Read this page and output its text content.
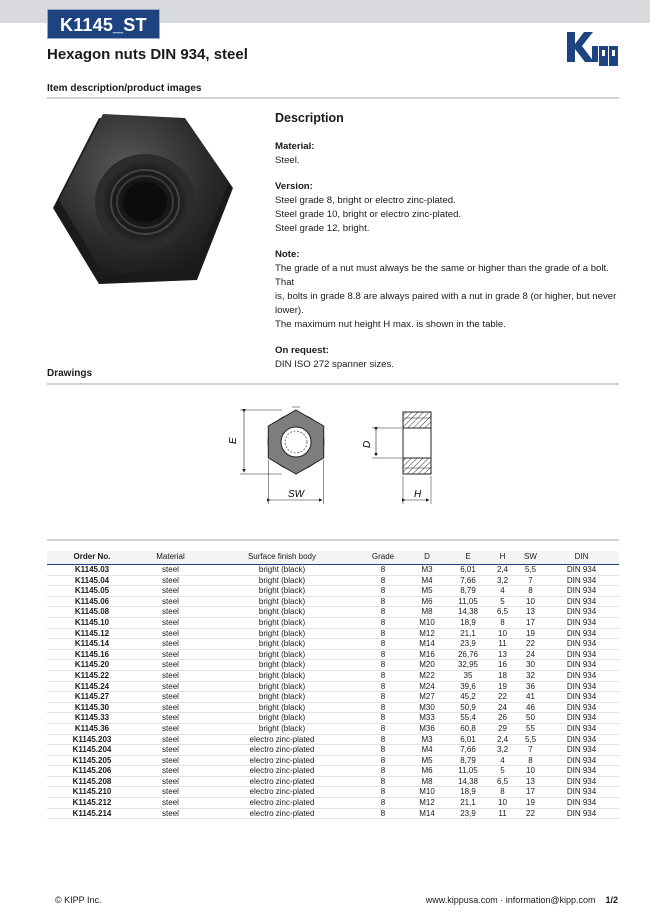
K1145_ST
Hexagon nuts DIN 934, steel
Item description/product images
Description
Material:
Steel.
Version:
Steel grade 8, bright or electro zinc-plated.
Steel grade 10, bright or electro zinc-plated.
Steel grade 12, bright.
Note:
The grade of a nut must always be the same or higher than the grade of a bolt. That
is, bolts in grade 8.8 are always paired with a nut in grade 8 (or higher, but never
lower).
The maximum nut height H max. is shown in the table.
On request:
DIN ISO 272 spanner sizes.
Drawings
E
SW
D
H
Order No.	Material	Surface finish body	Grade	D	E	H	SW	DIN
K1145.03	steel	bright (black)	8	M3	6,01	2,4	5,5	DIN 934
K1145.04	steel	bright (black)	8	M4	7,66	3,2	7	DIN 934
K1145.05	steel	bright (black)	8	M5	8,79	4	8	DIN 934
K1145.06	steel	bright (black)	8	M6	11,05	5	10	DIN 934
K1145.08	steel	bright (black)	8	M8	14,38	6,5	13	DIN 934
K1145.10	steel	bright (black)	8	M10	18,9	8	17	DIN 934
K1145.12	steel	bright (black)	8	M12	21,1	10	19	DIN 934
K1145.14	steel	bright (black)	8	M14	23,9	11	22	DIN 934
K1145.16	steel	bright (black)	8	M16	26,76	13	24	DIN 934
K1145.20	steel	bright (black)	8	M20	32,95	16	30	DIN 934
K1145.22	steel	bright (black)	8	M22	35	18	32	DIN 934
K1145.24	steel	bright (black)	8	M24	39,6	19	36	DIN 934
K1145.27	steel	bright (black)	8	M27	45,2	22	41	DIN 934
K1145.30	steel	bright (black)	8	M30	50,9	24	46	DIN 934
K1145.33	steel	bright (black)	8	M33	55,4	26	50	DIN 934
K1145.36	steel	bright (black)	8	M36	60,8	29	55	DIN 934
K1145.203	steel	electro zinc-plated	8	M3	6,01	2,4	5,5	DIN 934
K1145.204	steel	electro zinc-plated	8	M4	7,66	3,2	7	DIN 934
K1145.205	steel	electro zinc-plated	8	M5	8,79	4	8	DIN 934
K1145.206	steel	electro zinc-plated	8	M6	11,05	5	10	DIN 934
K1145.208	steel	electro zinc-plated	8	M8	14,38	6,5	13	DIN 934
K1145.210	steel	electro zinc-plated	8	M10	18,9	8	17	DIN 934
K1145.212	steel	electro zinc-plated	8	M12	21,1	10	19	DIN 934
K1145.214	steel	electro zinc-plated	8	M14	23,9	11	22	DIN 934
© KIPP Inc.	www.kippusa.com · information@kipp.com 1/2
